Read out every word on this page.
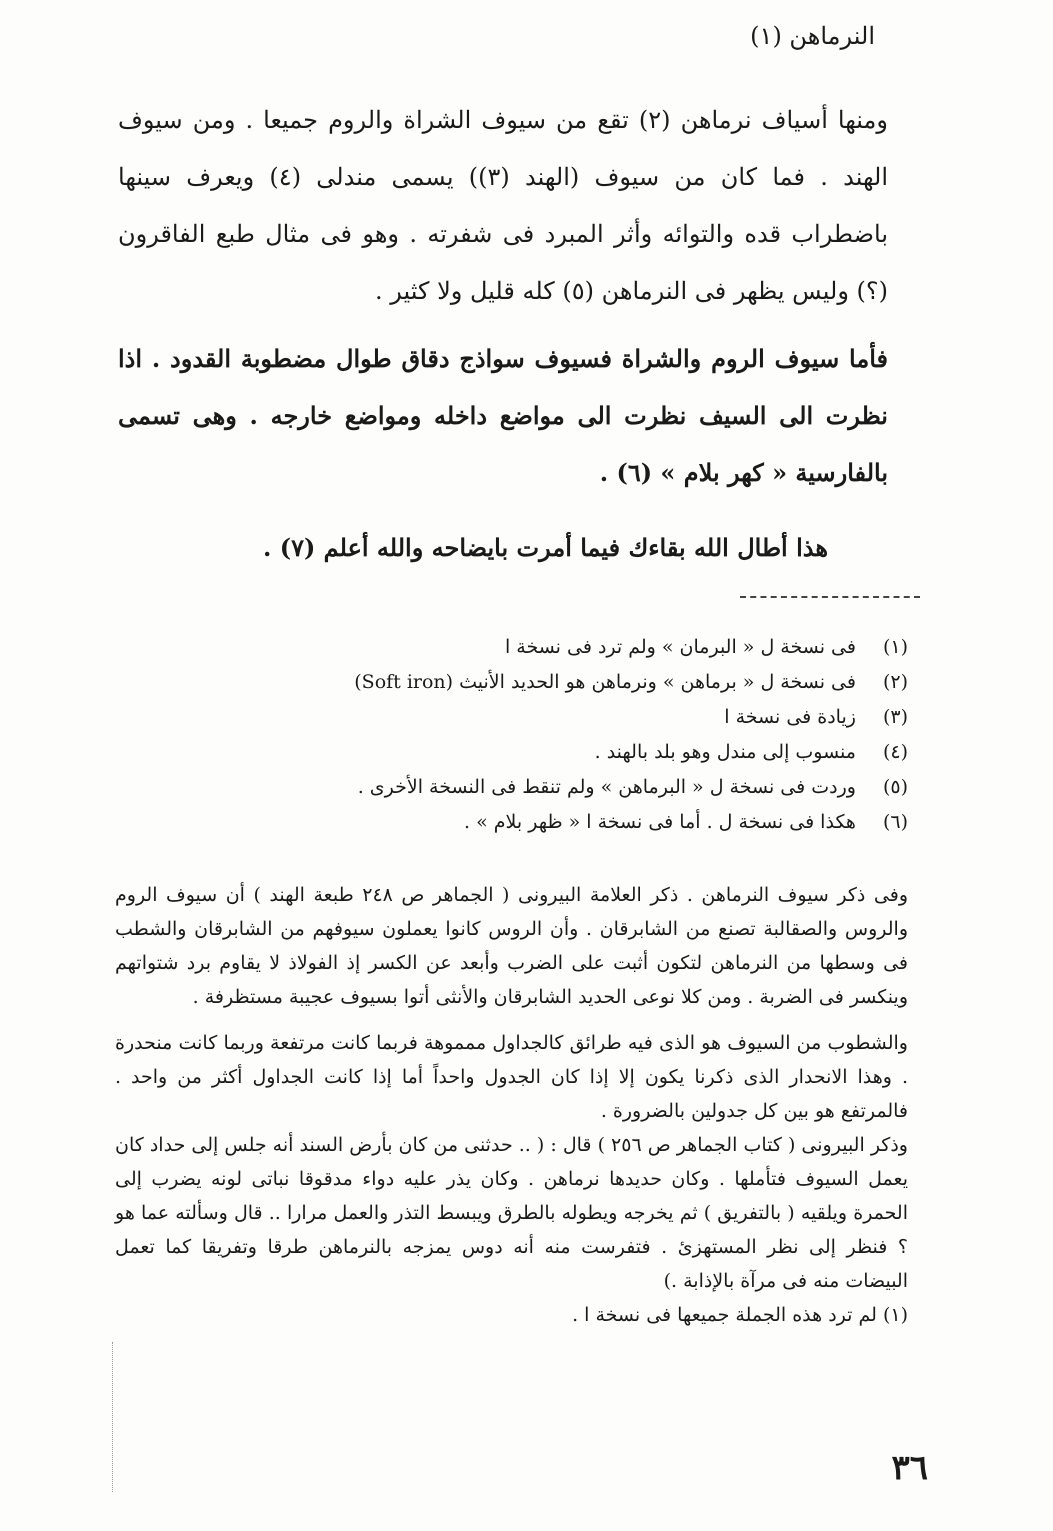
النرماهن (١)

ومنها أسياف نرماهن (٢) تقع من سيوف الشراة والروم جميعا . ومن سيوف الهند . فما كان من سيوف (الهند (٣)) يسمى مندلى (٤) ويعرف سينها باضطراب قده والتوائه وأثر المبرد فى شفرته . وهو فى مثال طبع الفاقرون (؟) وليس يظهر فى النرماهن (٥) كله قليل ولا كثير .

فأما سيوف الروم والشراة فسيوف سواذج دقاق طوال مضطوبة القدود . اذا نظرت الى السيف نظرت الى مواضع داخله ومواضع خارجه . وهى تسمى بالفارسية « كهر بلام » (٦) .

هذا أطال الله بقاءك فيما أمرت بايضاحه والله أعلم (٧) .

(١) فى نسخة ل « البرمان » ولم ترد فى نسخة ا
(٢) فى نسخة ل « برماهن » ونرماهن هو الحديد الأنيث (Soft iron)
(٣) زيادة فى نسخة ا
(٤) منسوب إلى مندل وهو بلد بالهند .
(٥) وردت فى نسخة ل « البرماهن » ولم تنقط فى النسخة الأخرى .
(٦) هكذا فى نسخة ل . أما فى نسخة ا « ظهر بلام » .

وفى ذكر سيوف النرماهن . ذكر العلامة البيرونى ( الجماهر ص ٢٤٨ طبعة الهند ) أن سيوف الروم والروس والصقالبة تصنع من الشابرقان . وأن الروس كانوا يعملون سيوفهم من الشابرقان والشطب فى وسطها من النرماهن لتكون أثبت على الضرب وأبعد عن الكسر إذ الفولاذ لا يقاوم برد شتواتهم وينكسر فى الضربة . ومن كلا نوعى الحديد الشابرقان والأنثى أتوا بسيوف عجيبة مستظرفة .

والشطوب من السيوف هو الذى فيه طرائق كالجداول ممموهة فربما كانت مرتفعة وربما كانت منحدرة . وهذا الانحدار الذى ذكرنا يكون إلا إذا كان الجدول واحداً أما إذا كانت الجداول أكثر من واحد . فالمرتفع هو بين كل جدولين بالضرورة .

وذكر البيرونى ( كتاب الجماهر ص ٢٥٦ ) قال : ( .. حدثنى من كان بأرض السند أنه جلس إلى حداد كان يعمل السيوف فتأملها . وكان حديدها نرماهن . وكان يذر عليه دواء مدقوقا نباتى لونه يضرب إلى الحمرة ويلقيه ( بالتفريق ) ثم يخرجه ويطوله بالطرق ويبسط التذر والعمل مرارا .. قال وسألته عما هو ؟ فنظر إلى نظر المستهزئ . فتفرست منه أنه دوس يمزجه بالنرماهن طرقا وتفريقا كما تعمل البيضات منه فى مرآة بالإذابة .)

(١) لم ترد هذه الجملة جميعها فى نسخة ا .

٣٦
